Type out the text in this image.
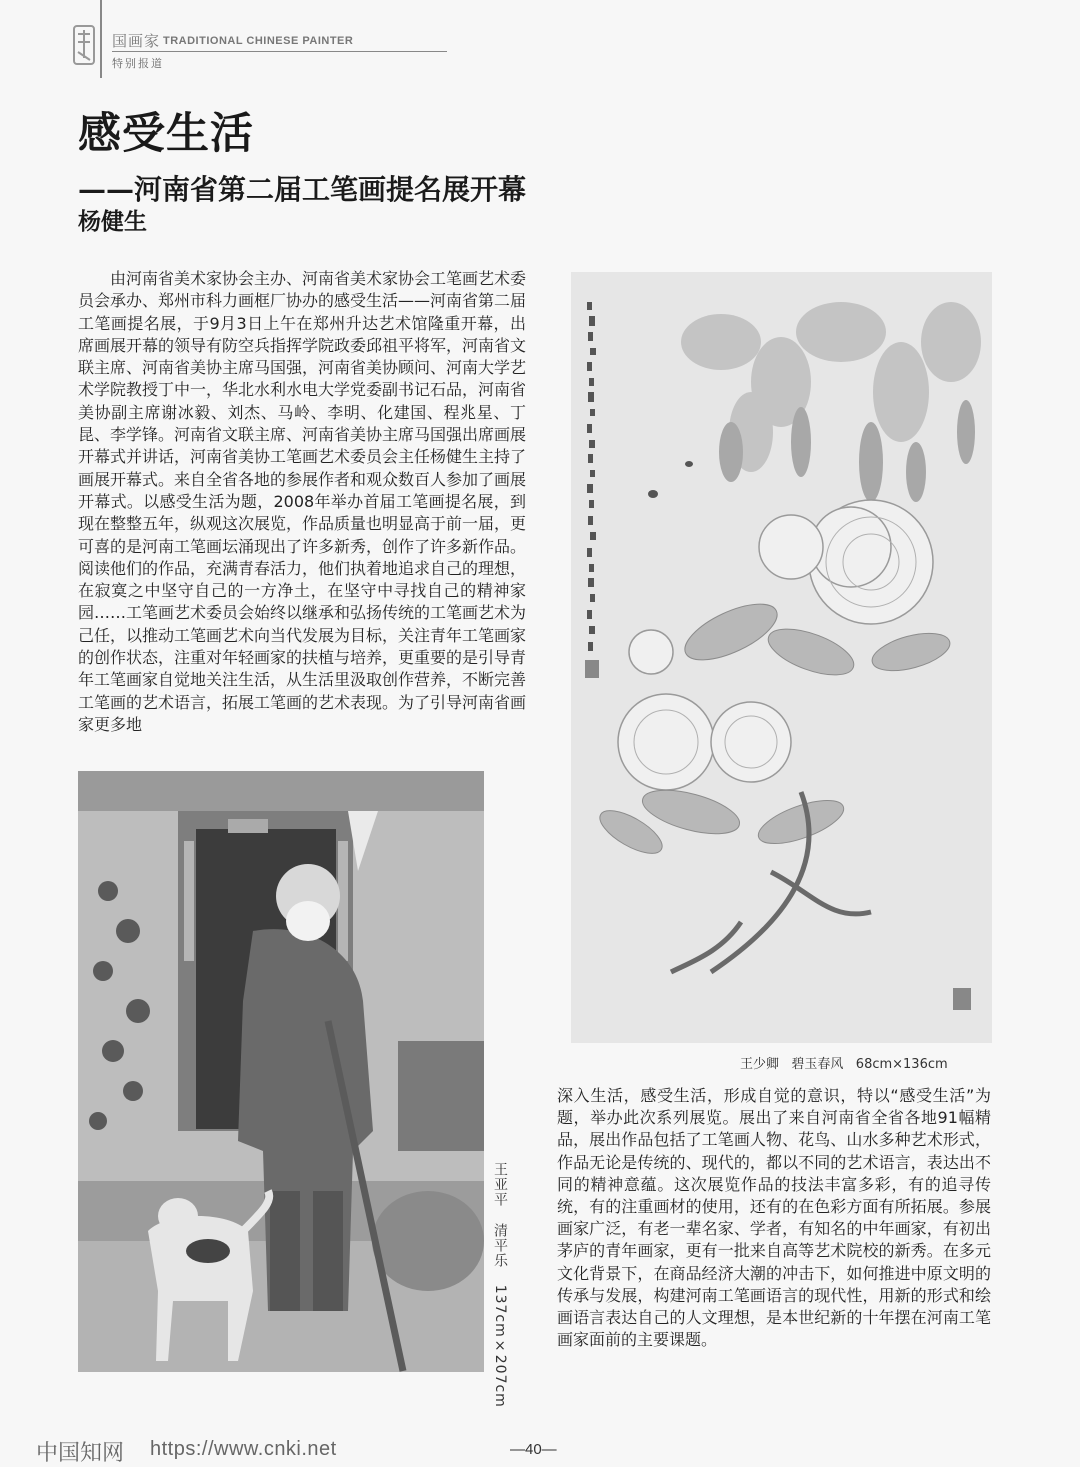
国画家 TRADITIONAL CHINESE PAINTER
特别报道
感受生活
——河南省第二届工笔画提名展开幕
杨健生

由河南省美术家协会主办、河南省美术家协会工笔画艺术委员会承办、郑州市科力画框厂协办的感受生活——河南省第二届工笔画提名展，于9月3日上午在郑州升达艺术馆隆重开幕，出席画展开幕的领导有防空兵指挥学院政委邱祖平将军，河南省文联主席、河南省美协主席马国强，河南省美协顾问、河南大学艺术学院教授丁中一，华北水利水电大学党委副书记石品，河南省美协副主席谢冰毅、刘杰、马岭、李明、化建国、程兆星、丁昆、李学锋。河南省文联主席、河南省美协主席马国强出席画展开幕式并讲话，河南省美协工笔画艺术委员会主任杨健生主持了画展开幕式。来自全省各地的参展作者和观众数百人参加了画展开幕式。以感受生活为题，2008年举办首届工笔画提名展，到现在整整五年，纵观这次展览，作品质量也明显高于前一届，更可喜的是河南工笔画坛涌现出了许多新秀，创作了许多新作品。阅读他们的作品，充满青春活力，他们执着地追求自己的理想，在寂寞之中坚守自己的一方净土，在坚守中寻找自己的精神家园……工笔画艺术委员会始终以继承和弘扬传统的工笔画艺术为己任，以推动工笔画艺术向当代发展为目标，关注青年工笔画家的创作状态，注重对年轻画家的扶植与培养，更重要的是引导青年工笔画家自觉地关注生活，从生活里汲取创作营养，不断完善工笔画的艺术语言，拓展工笔画的艺术表现。为了引导河南省画家更多地

王少卿   碧玉春风   68cm×136cm
王亚平   清平乐   137cm×207cm

深入生活，感受生活，形成自觉的意识，特以“感受生活”为题，举办此次系列展览。展出了来自河南省全省各地91幅精品，展出作品包括了工笔画人物、花鸟、山水多种艺术形式，作品无论是传统的、现代的，都以不同的艺术语言，表达出不同的精神意蕴。这次展览作品的技法丰富多彩，有的追寻传统，有的注重画材的使用，还有的在色彩方面有所拓展。参展画家广泛，有老一辈名家、学者，有知名的中年画家，有初出茅庐的青年画家，更有一批来自高等艺术院校的新秀。在多元文化背景下，在商品经济大潮的冲击下，如何推进中原文明的传承与发展，构建河南工笔画语言的现代性，用新的形式和绘画语言表达自己的人文理想，是本世纪新的十年摆在河南工笔画家面前的主要课题。

中国知网 https://www.cnki.net	—40—
